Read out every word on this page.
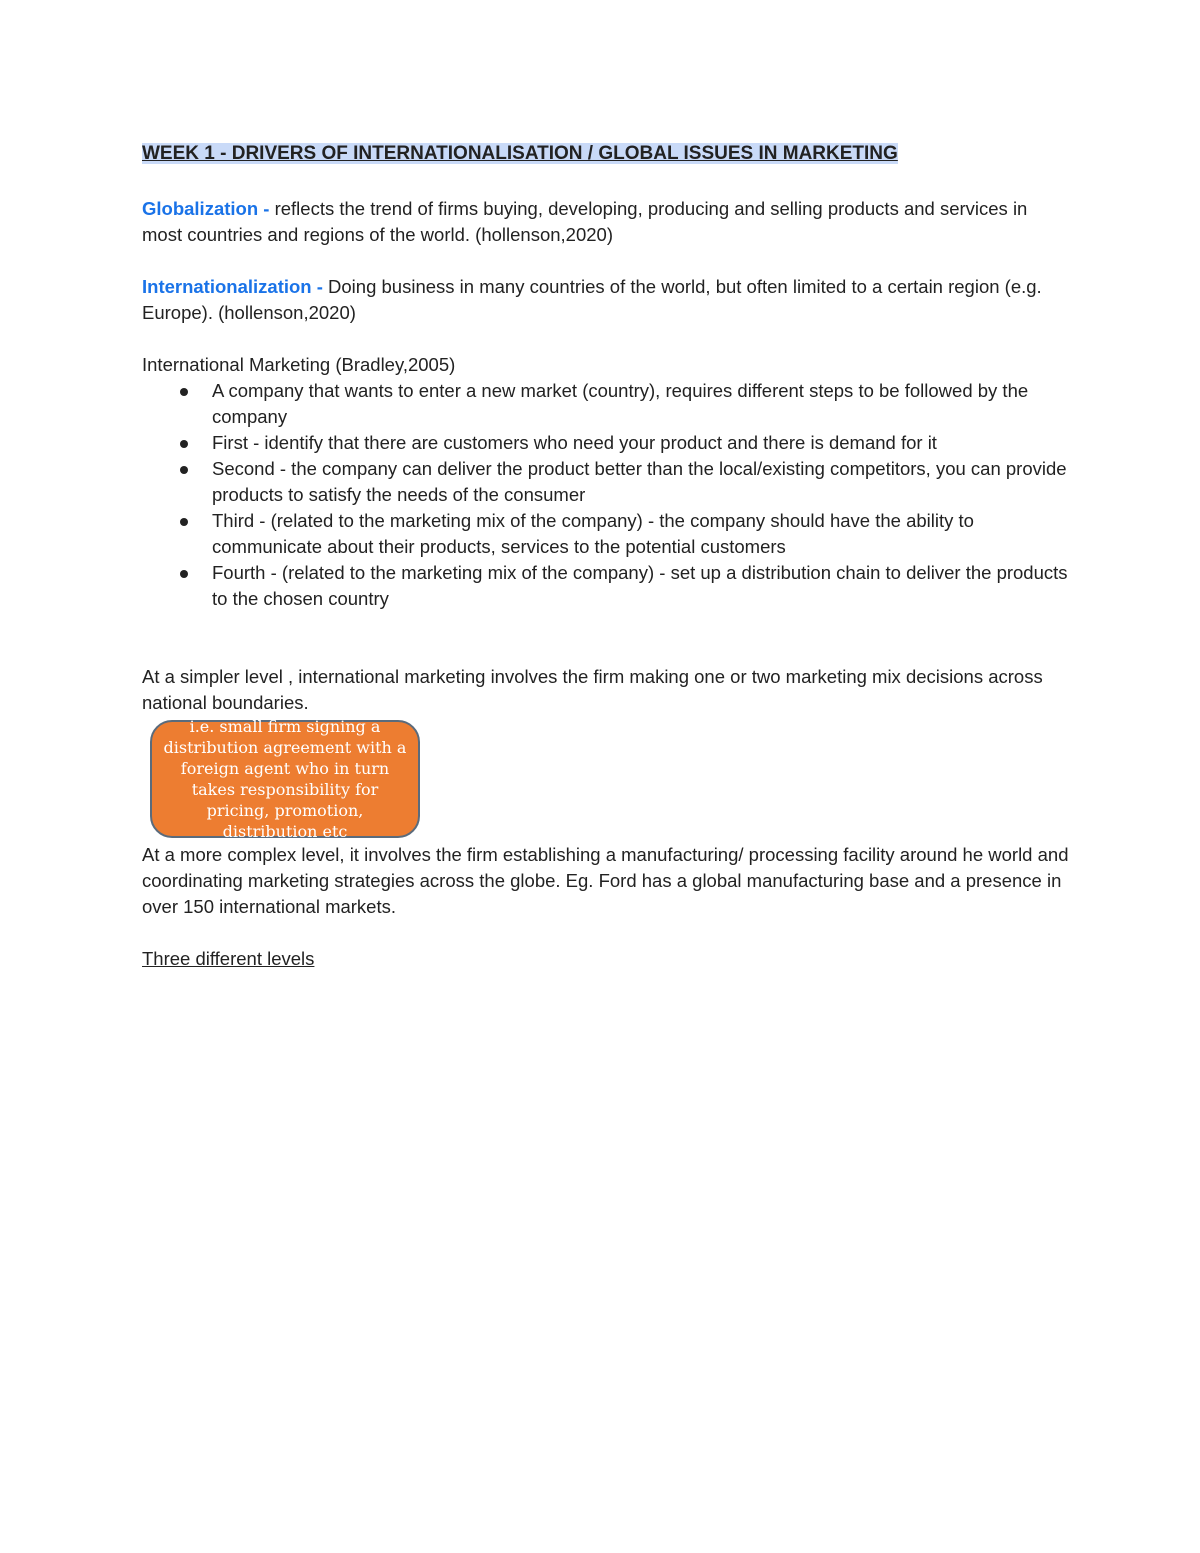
WEEK 1 - DRIVERS OF INTERNATIONALISATION / GLOBAL ISSUES IN MARKETING

Globalization - reflects the trend of firms buying, developing, producing and selling products and services in most countries and regions of the world. (hollenson,2020)

Internationalization - Doing business in many countries of the world, but often limited to a certain region (e.g. Europe). (hollenson,2020)

International Marketing (Bradley,2005)

A company that wants to enter a new market (country), requires different steps to be followed by the company
First - identify that there are customers who need your product and there is demand for it
Second - the company can deliver the product better than the local/existing competitors, you can provide products to satisfy the needs of the consumer
Third - (related to the marketing mix of the company) - the company should have the ability to communicate about their products, services to the potential customers
Fourth - (related to the marketing mix of the company) - set up a distribution chain to deliver the products to the chosen country

At a simpler level , international marketing involves the firm making one or two marketing mix decisions across national boundaries.

i.e. small firm signing a distribution agreement with a foreign agent who in turn takes responsibility for pricing, promotion, distribution etc

At a more complex level, it involves the firm establishing a manufacturing/ processing facility around he world and coordinating marketing strategies across the globe. Eg. Ford has a global manufacturing base and a presence in over 150 international markets.

Three different levels
